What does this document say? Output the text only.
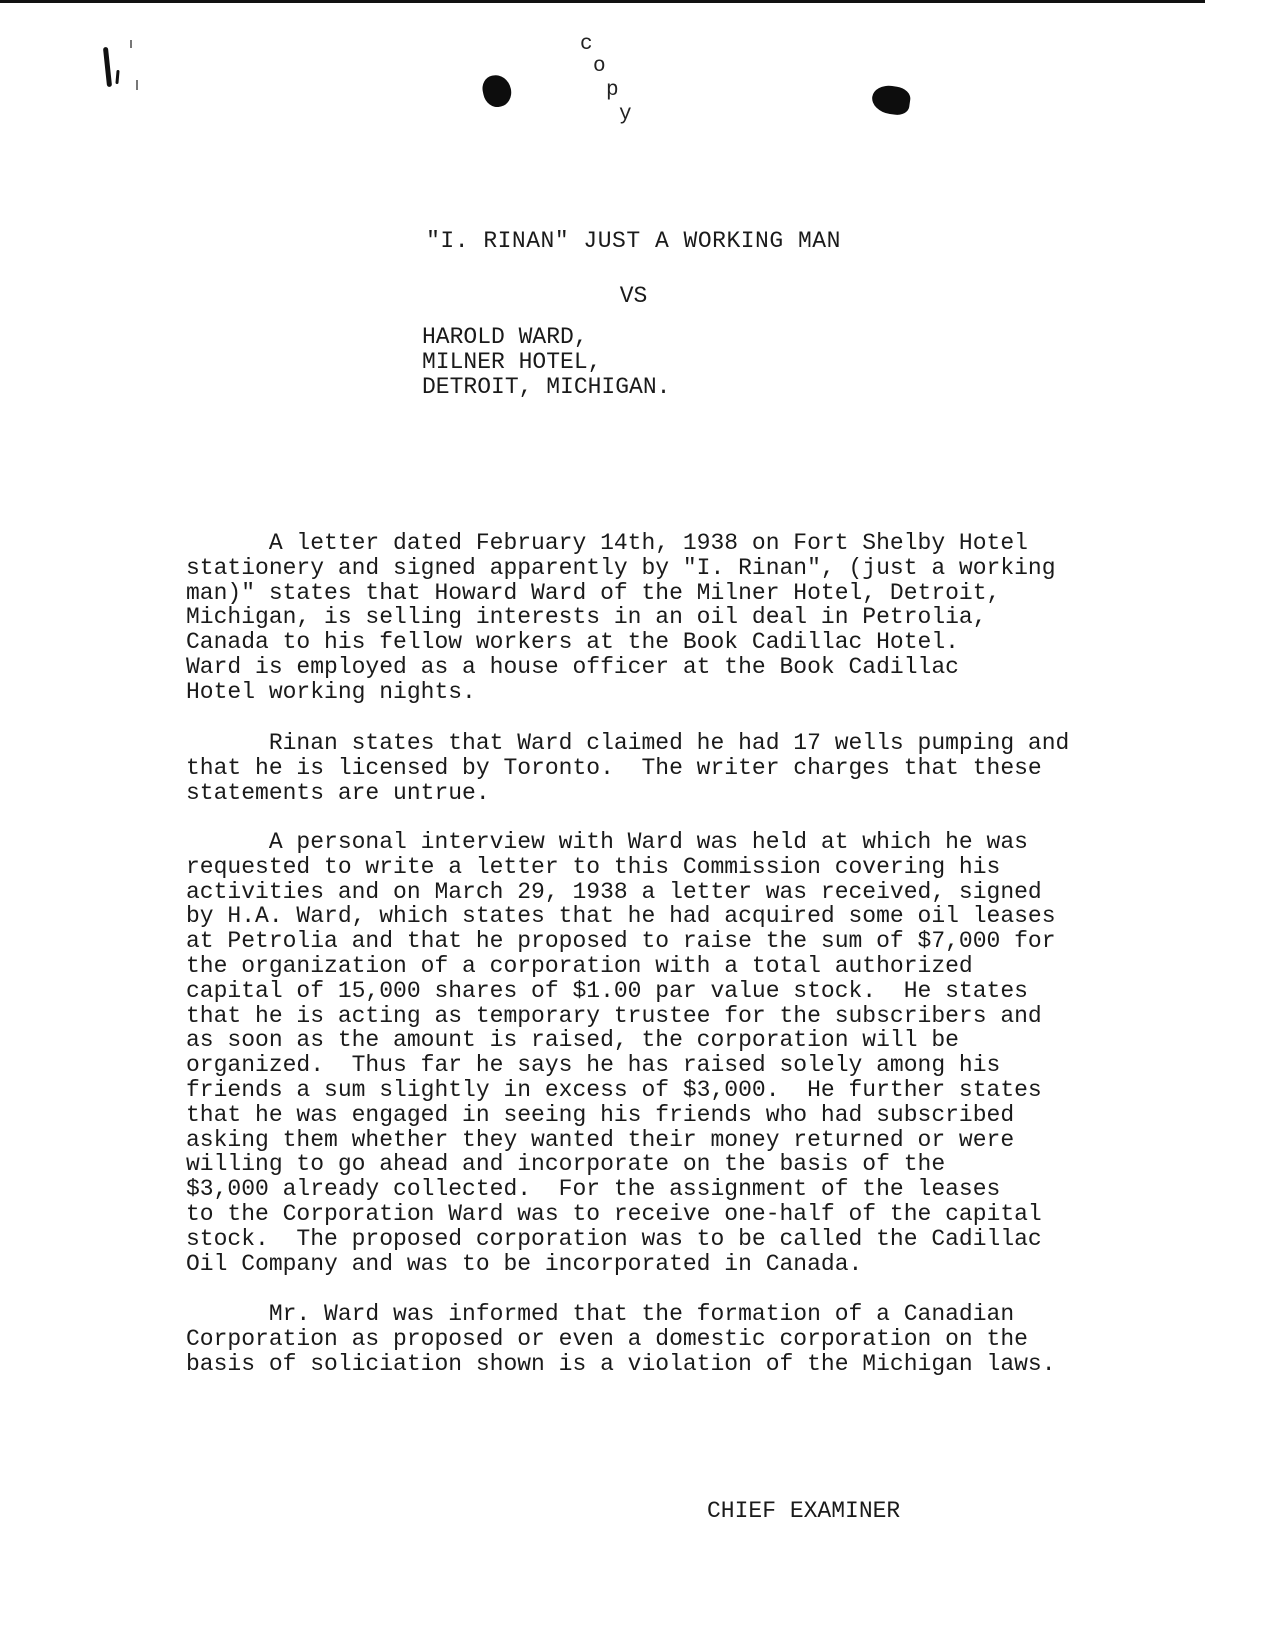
c
o
p
y
"I. RINAN" JUST A WORKING MAN
VS
HAROLD WARD,
MILNER HOTEL,
DETROIT, MICHIGAN.

A letter dated February 14th, 1938 on Fort Shelby Hotel
stationery and signed apparently by "I. Rinan", (just a working
man)" states that Howard Ward of the Milner Hotel, Detroit,
Michigan, is selling interests in an oil deal in Petrolia,
Canada to his fellow workers at the Book Cadillac Hotel.
Ward is employed as a house officer at the Book Cadillac
Hotel working nights.

Rinan states that Ward claimed he had 17 wells pumping and
that he is licensed by Toronto.  The writer charges that these
statements are untrue.

A personal interview with Ward was held at which he was
requested to write a letter to this Commission covering his
activities and on March 29, 1938 a letter was received, signed
by H.A. Ward, which states that he had acquired some oil leases
at Petrolia and that he proposed to raise the sum of $7,000 for
the organization of a corporation with a total authorized
capital of 15,000 shares of $1.00 par value stock.  He states
that he is acting as temporary trustee for the subscribers and
as soon as the amount is raised, the corporation will be
organized.  Thus far he says he has raised solely among his
friends a sum slightly in excess of $3,000.  He further states
that he was engaged in seeing his friends who had subscribed
asking them whether they wanted their money returned or were
willing to go ahead and incorporate on the basis of the
$3,000 already collected.  For the assignment of the leases
to the Corporation Ward was to receive one-half of the capital
stock.  The proposed corporation was to be called the Cadillac
Oil Company and was to be incorporated in Canada.

Mr. Ward was informed that the formation of a Canadian
Corporation as proposed or even a domestic corporation on the
basis of soliciation shown is a violation of the Michigan laws.

CHIEF EXAMINER
